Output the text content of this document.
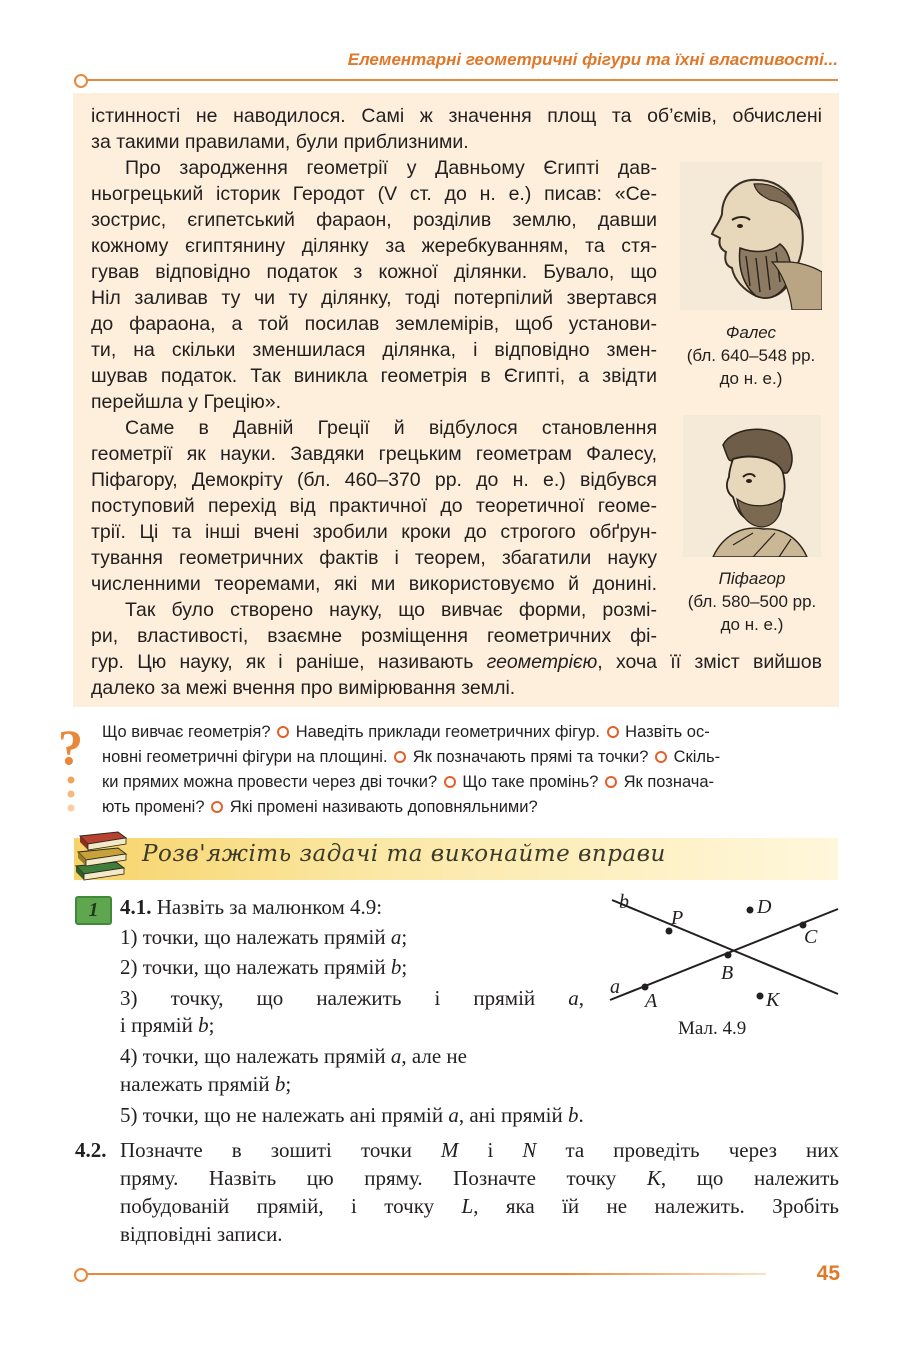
Елементарні геометричні фігури та їхні властивості...
істинності не наводилося. Самі ж значення площ та об’ємів, обчислені
за такими правилами, були приблизними.
Про зародження геометрії у Давньому Єгипті дав-
ньогрецький історик Геродот (V ст. до н. е.) писав: «Се-
зострис, єгипетський фараон, розділив землю, давши
кожному єгиптянину ділянку за жеребкуванням, та стя-
гував відповідно податок з кожної ділянки. Бувало, що
Ніл заливав ту чи ту ділянку, тоді потерпілий звертався
до фараона, а той посилав землемірів, щоб установи-
ти, на скільки зменшилася ділянка, і відповідно змен-
шував податок. Так виникла геометрія в Єгипті, а звідти
перейшла у Грецію».
Саме в Давній Греції й відбулося становлення
геометрії як науки. Завдяки грецьким геометрам Фалесу,
Піфагору, Демокріту (бл. 460–370 рр. до н. е.) відбувся
поступовий перехід від практичної до теоретичної геоме-
трії. Ці та інші вчені зробили кроки до строгого обґрун-
тування геометричних фактів і теорем, збагатили науку
численними теоремами, які ми використовуємо й донині.
Так було створено науку, що вивчає форми, розмі-
ри, властивості, взаємне розміщення геометричних фі-
гур. Цю науку, як і раніше, називають геометрією, хоча її зміст вийшов
далеко за межі вчення про вимірювання землі.
Фалес
(бл. 640–548 рр.
до н. е.)
Піфагор
(бл. 580–500 рр.
до н. е.)
? Що вивчає геометрія? Наведіть приклади геометричних фігур. Назвіть ос-
новні геометричні фігури на площині. Як позначають прямі та точки? Скіль-
ки прямих можна провести через дві точки? Що таке промінь? Як познача-
ють промені? Які промені називають доповняльними?
Розв'яжіть задачі та виконайте вправи
1	4.1. Назвіть за малюнком 4.9:
1) точки, що належать прямій a;
2) точки, що належать прямій b;
3) точку, що належить і прямій a,
і прямій b;
4) точки, що належать прямій a, але не
належать прямій b;
5) точки, що не належать ані прямій a, ані прямій b.
b
a
P
B
C
D
A	K
Мал. 4.9
4.2. Позначте в зошиті точки M і N та проведіть через них
пряму. Назвіть цю пряму. Позначте точку K, що належить
побудованій прямій, і точку L, яка їй не належить. Зробіть
відповідні записи.
45
